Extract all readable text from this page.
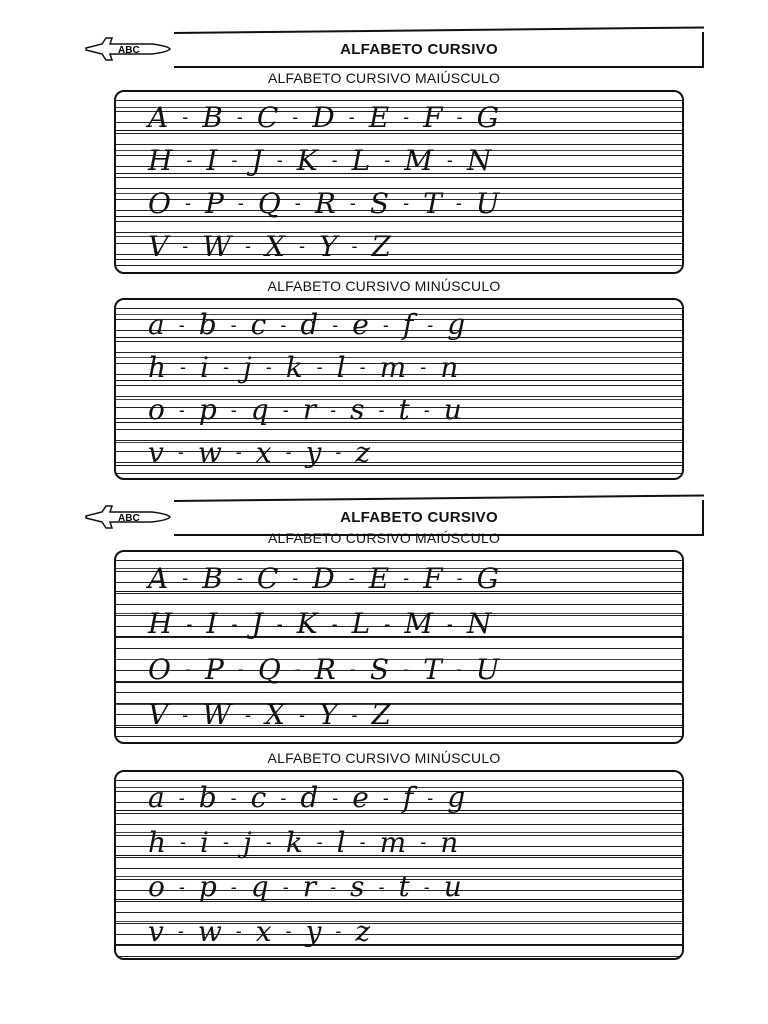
ABC	ALFABETO CURSIVO
ALFABETO CURSIVO MAIÚSCULO
A - B - C - D - E - F - G
H - I - J - K - L - M - N
O - P - Q - R - S - T - U
V - W - X - Y - Z
ALFABETO CURSIVO MINÚSCULO
a - b - c - d - e - f - g
h - i - j - k - l - m - n
o - p - q - r - s - t - u
v - w - x - y - z
ABC	ALFABETO CURSIVO
ALFABETO CURSIVO MAIÚSCULO
A - B - C - D - E - F - G
H - I - J - K - L - M - N
O - P - Q - R - S - T - U
V - W - X - Y - Z
ALFABETO CURSIVO MINÚSCULO
a - b - c - d - e - f - g
h - i - j - k - l - m - n
o - p - q - r - s - t - u
v - w - x - y - z
